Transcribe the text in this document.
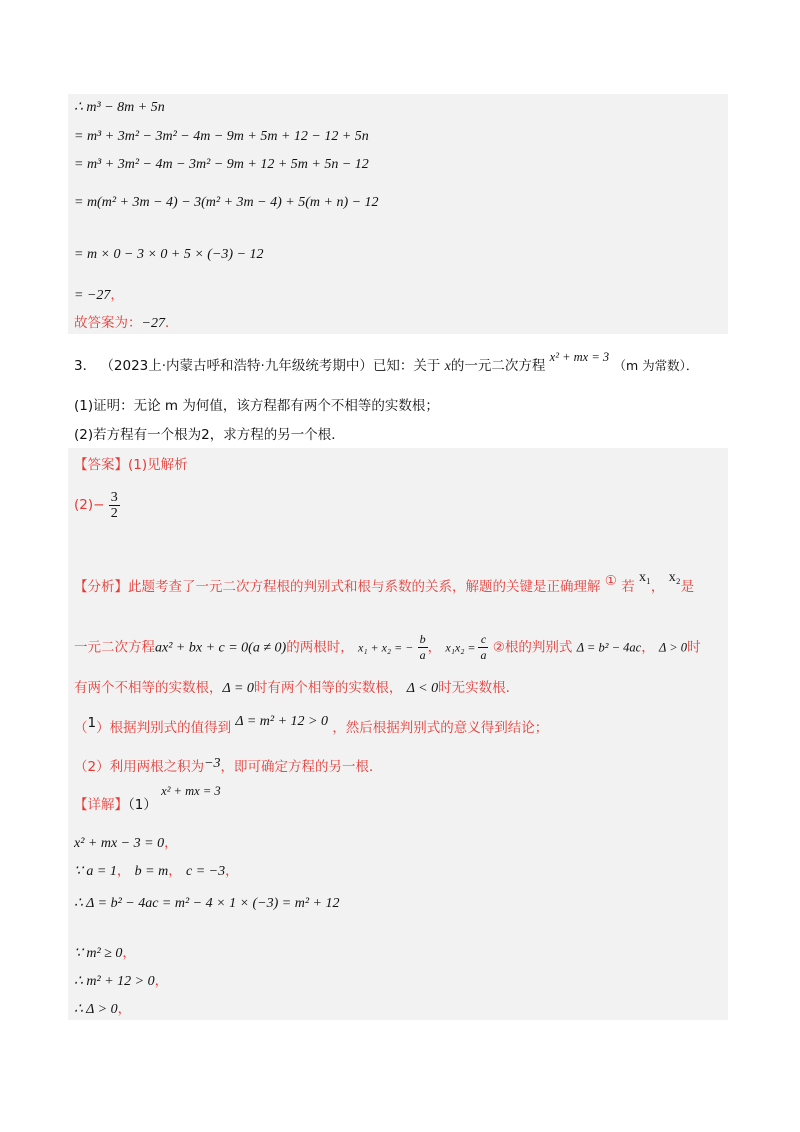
∴ m³ − 8m + 5n
= m³ + 3m² − 3m² − 4m − 9m + 5m + 12 − 12 + 5n
= m³ + 3m² − 4m − 3m² − 9m + 12 + 5m + 5n − 12
= m(m² + 3m − 4) − 3(m² + 3m − 4) + 5(m + n) − 12
= m × 0 − 3 × 0 + 5 × (−3) − 12
= −27，
故答案为：−27．
3． （2023上·内蒙古呼和浩特·九年级统考期中）已知：关于 x的一元二次方程 x² + mx = 3 （m 为常数）．
(1)证明：无论 m 为何值，该方程都有两个不相等的实数根；
(2)若方程有一个根为2，求方程的另一个根．
【答案】(1)见解析
$(2)- \frac{3}{2}$
【分析】此题考查了一元二次方程根的判别式和根与系数的关系，解题的关键是正确理解 ① 若 x₁， x₂是
一元二次方程ax² + bx + c = 0(a ≠ 0)的两根时， x₁ + x₂ = − $\frac{b}{a}$ ， $x_1x_2 = \frac{c}{a}$ ②根的判别式 Δ = b² − 4ac， Δ > 0时
有两个不相等的实数根，Δ = 0时有两个相等的实数根， Δ < 0时无实数根．
（1）根据判别式的值得到 Δ = m² + 12 > 0 ，然后根据判别式的意义得到结论；
（2）利用两根之积为−3，即可确定方程的另一根．
【详解】（1） x² + mx = 3
x² + mx − 3 = 0，
∵ a = 1， b = m， c = −3，
∴ Δ = b² − 4ac = m² − 4 × 1 × (−3) = m² + 12
∵ m² ≥ 0，
∴ m² + 12 > 0，
∴ Δ > 0，
